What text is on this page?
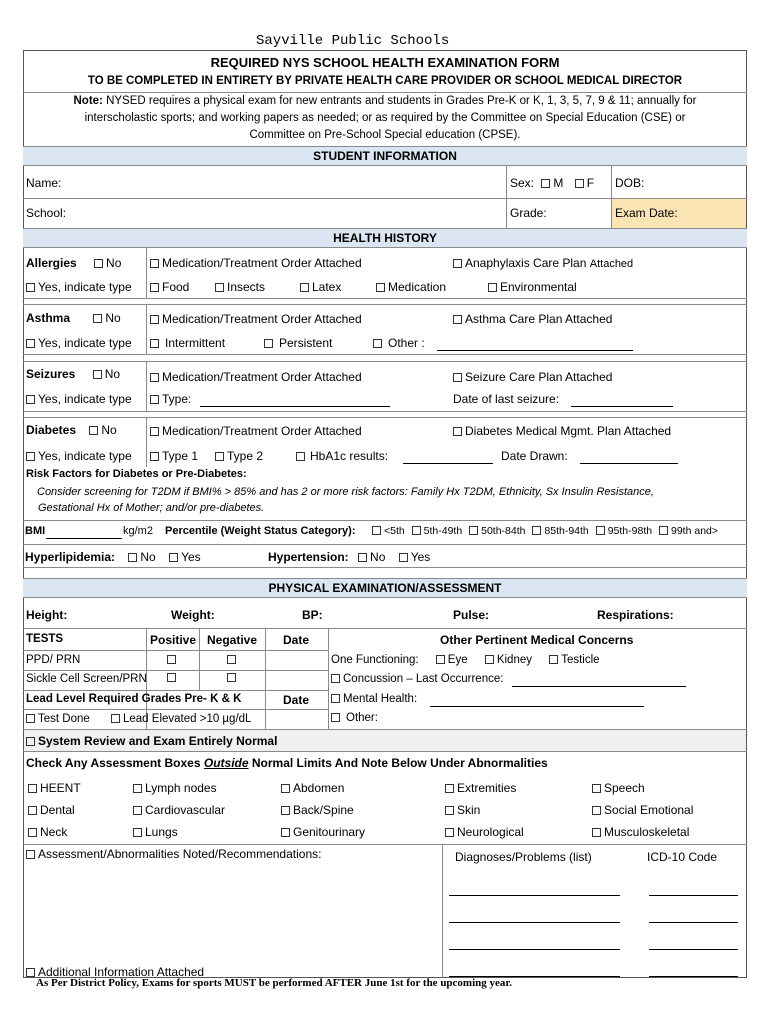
Sayville Public Schools
REQUIRED NYS SCHOOL HEALTH EXAMINATION FORM
TO BE COMPLETED IN ENTIRETY BY PRIVATE HEALTH CARE PROVIDER OR SCHOOL MEDICAL DIRECTOR
Note: NYSED requires a physical exam for new entrants and students in Grades Pre-K or K, 1, 3, 5, 7, 9 & 11; annually for
interscholastic sports; and working papers as needed; or as required by the Committee on Special Education (CSE) or
Committee on Pre-School Special education (CPSE).
STUDENT INFORMATION
Name:	Sex: M F DOB:
School:	Grade:	Exam Date:
HEALTH HISTORY
Allergies No	Medication/Treatment Order Attached	Anaphylaxis Care Plan Attached
Yes, indicate type	Food	Insects	Latex	Medication	Environmental
Asthma	No	Medication/Treatment Order Attached	Asthma Care Plan Attached
Yes, indicate type	Intermittent	Persistent	Other :
Seizures No	Medication/Treatment Order Attached	Seizure Care Plan Attached
Yes, indicate type	Type:	Date of last seizure:
Diabetes No	Medication/Treatment Order Attached	Diabetes Medical Mgmt. Plan Attached
Yes, indicate type	Type 1	Type 2	HbA1c results:	Date Drawn:
Risk Factors for Diabetes or Pre-Diabetes:
Consider screening for T2DM if BMI% > 85% and has 2 or more risk factors: Family Hx T2DM, Ethnicity, Sx Insulin Resistance,
Gestational Hx of Mother; and/or pre-diabetes.
BMI	kg/m2 Percentile (Weight Status Category):	<5th 5th-49th 50th-84th 85th-94th 95th-98th 99th and>
Hyperlipidemia: No Yes	Hypertension: No Yes
PHYSICAL EXAMINATION/ASSESSMENT
Height:	Weight:	BP:	Pulse:	Respirations:
TESTS	Positive Negative Date	Other Pertinent Medical Concerns
PPD/ PRN
Sickle Cell Screen/PRN
Lead Level Required Grades Pre- K & K	Date
Test Done	Lead Elevated >10 µg/dL
One Functioning:	Eye	Kidney	Testicle
Concussion – Last Occurrence:
Mental Health:
Other:
System Review and Exam Entirely Normal
Check Any Assessment Boxes Outside Normal Limits And Note Below Under Abnormalities
HEENT	Lymph nodes	Abdomen	Extremities	Speech
Dental	Cardiovascular	Back/Spine	Skin	Social Emotional
Neck	Lungs	Genitourinary	Neurological	Musculoskeletal
Assessment/Abnormalities Noted/Recommendations:	Diagnoses/Problems (list)	ICD-10 Code
Additional Information Attached
As Per District Policy, Exams for sports MUST be performed AFTER June 1st for the upcoming year.
